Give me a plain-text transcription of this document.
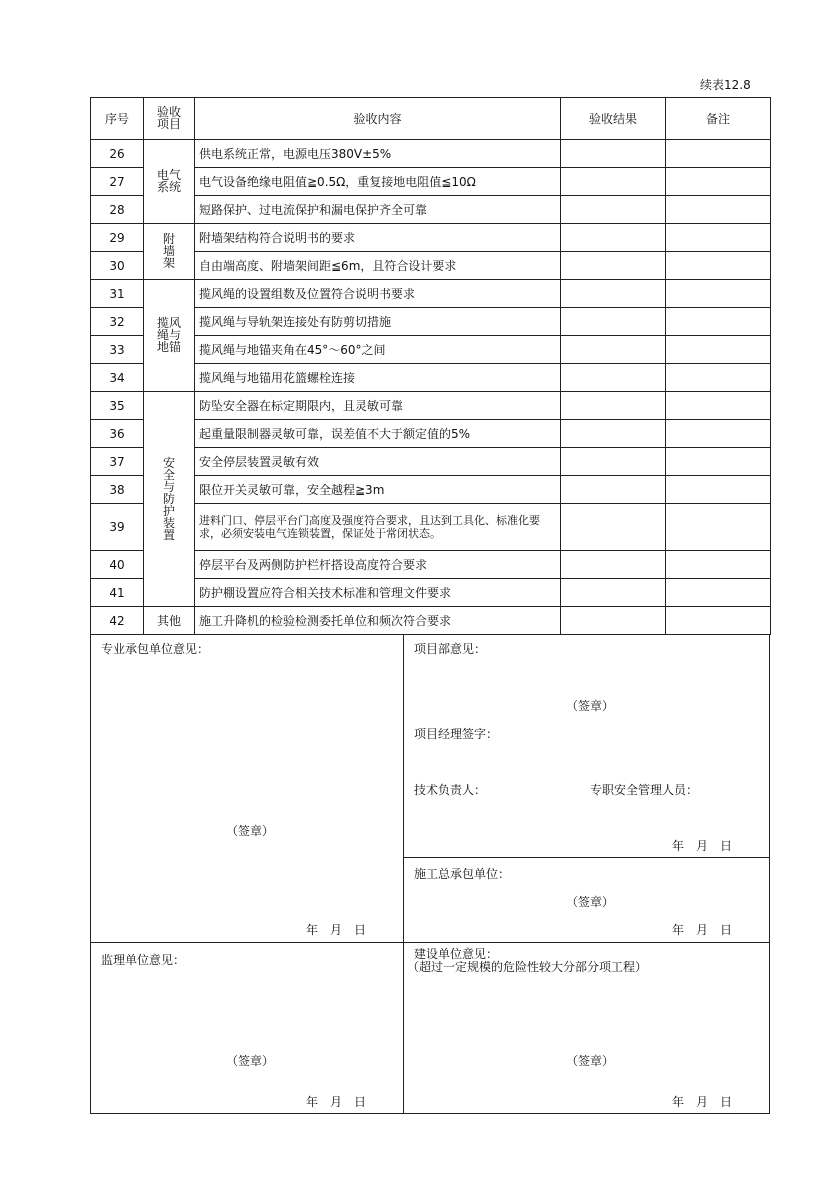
续表12.8
序号	验收项目	验收内容	验收结果	备注
26	电气系统	供电系统正常，电源电压380V±5%		
27		电气设备绝缘电阻值≧0.5Ω，重复接地电阻值≦10Ω		
28		短路保护、过电流保护和漏电保护齐全可靠		
29	附墙架	附墙架结构符合说明书的要求		
30		自由端高度、附墙架间距≦6m，且符合设计要求		
31	揽风绳与地锚	揽风绳的设置组数及位置符合说明书要求		
32		揽风绳与导轨架连接处有防剪切措施		
33		揽风绳与地锚夹角在45°～60°之间		
34		揽风绳与地锚用花篮螺栓连接		
35	安全与防护装置	防坠安全器在标定期限内，且灵敏可靠		
36		起重量限制器灵敏可靠，误差值不大于额定值的5%		
37		安全停层装置灵敏有效		
38		限位开关灵敏可靠，安全越程≧3m		
39		进料门口、停层平台门高度及强度符合要求，且达到工具化、标准化要求，必须安装电气连锁装置，保证处于常闭状态。		
40		停层平台及两侧防护栏杆搭设高度符合要求		
41		防护棚设置应符合相关技术标准和管理文件要求		
42	其他	施工升降机的检验检测委托单位和频次符合要求		
专业承包单位意见：
（签章）
年　月　日
项目部意见：
（签章）
项目经理签字：
技术负责人：	专职安全管理人员：
年　月　日
施工总承包单位：
（签章）
年　月　日
监理单位意见：
（签章）
年　月　日
建设单位意见：
（超过一定规模的危险性较大分部分项工程）
（签章）
年　月　日
